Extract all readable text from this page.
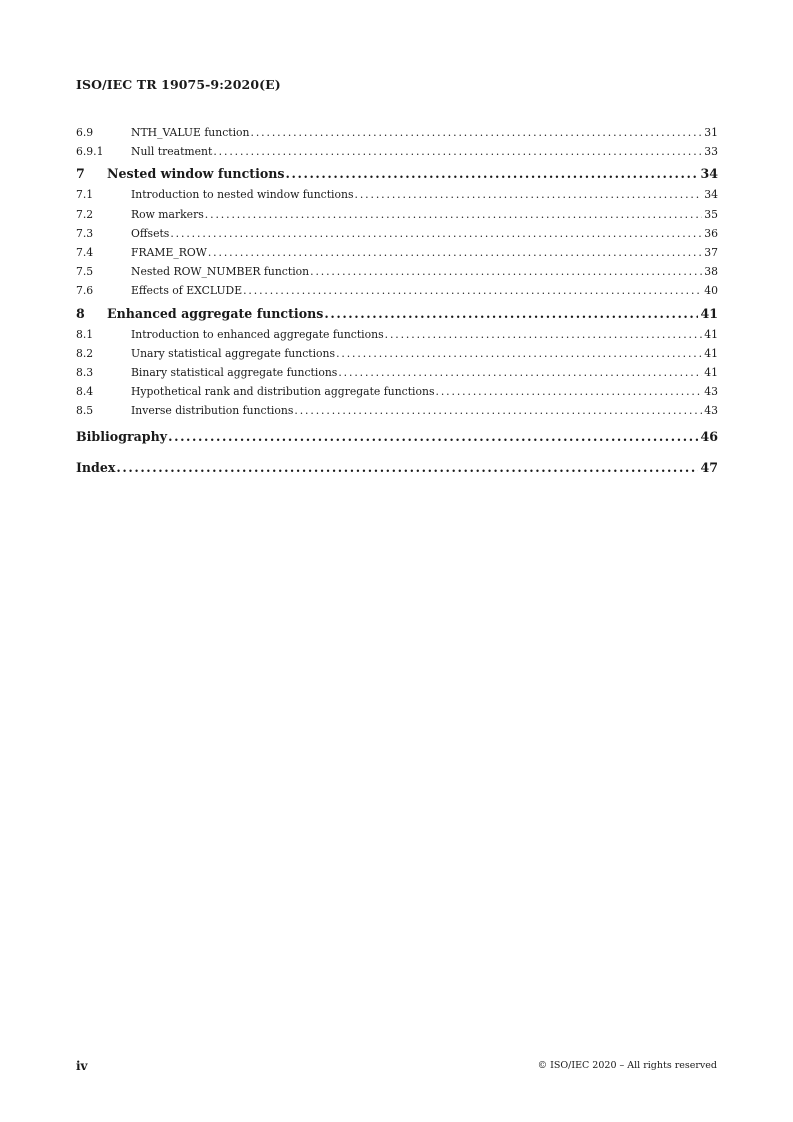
ISO/IEC TR 19075-9:2020(E)
6.9	NTH_VALUE function .....	31
6.9.1	Null treatment .....	33
7	Nested window functions .....	34
7.1	Introduction to nested window functions .....	34
7.2	Row markers .....	35
7.3	Offsets .....	36
7.4	FRAME_ROW .....	37
7.5	Nested ROW_NUMBER function .....	38
7.6	Effects of EXCLUDE .....	40
8	Enhanced aggregate functions .....	41
8.1	Introduction to enhanced aggregate functions .....	41
8.2	Unary statistical aggregate functions .....	41
8.3	Binary statistical aggregate functions .....	41
8.4	Hypothetical rank and distribution aggregate functions .....	43
8.5	Inverse distribution functions .....	43
Bibliography .....	46
Index .....	47
iv	© ISO/IEC 2020 – All rights reserved
